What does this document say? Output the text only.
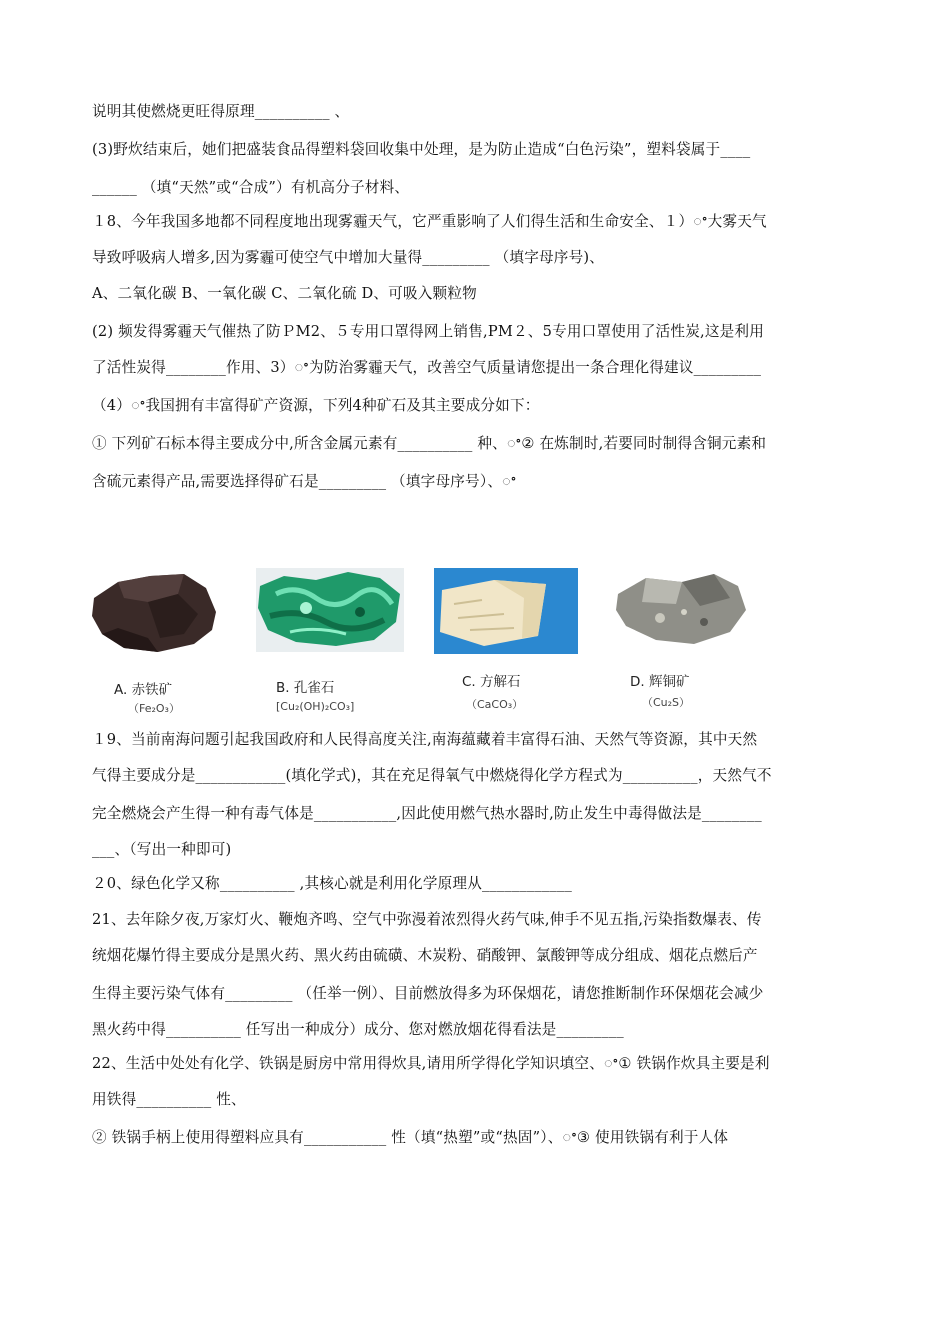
说明其使燃烧更旺得原理__________ 、
(3)野炊结束后，她们把盛装食品得塑料袋回收集中处理，是为防止造成“白色污染”，塑料袋属于____
______ （填“天然”或“合成”）有机高分子材料、
１8、今年我国多地都不同程度地出现雾霾天气，它严重影响了人们得生活和生命安全、１）ꢀ大雾天气
导致呼吸病人增多,因为雾霾可使空气中增加大量得_________ （填字母序号)、
A、二氧化碳 B、一氧化碳 C、二氧化硫 D、可吸入颗粒物
(2) 频发得雾霾天气催热了防ＰM2、５专用口罩得网上销售,PM２、5专用口罩使用了活性炭,这是利用
了活性炭得________作用、3）ꢀ为防治雾霾天气，改善空气质量请您提出一条合理化得建议_________
（4）ꢀ我国拥有丰富得矿产资源，下列4种矿石及其主要成分如下：
① 下列矿石标本得主要成分中,所含金属元素有__________ 种、ꢀ② 在炼制时,若要同时制得含铜元素和
含硫元素得产品,需要选择得矿石是_________ （填字母序号）、ꢀ
A. 赤铁矿
（Fe₂O₃）
B. 孔雀石
[Cu₂(OH)₂CO₃]
C. 方解石
（CaCO₃）
D. 辉铜矿
（Cu₂S）
１9、当前南海问题引起我国政府和人民得高度关注,南海蕴藏着丰富得石油、天然气等资源，其中天然
气得主要成分是____________(填化学式)，其在充足得氧气中燃烧得化学方程式为__________，天然气不
完全燃烧会产生得一种有毒气体是___________,因此使用燃气热水器时,防止发生中毒得做法是________
___、（写出一种即可)
２0、绿色化学又称__________ ,其核心就是利用化学原理从____________
21、去年除夕夜,万家灯火、鞭炮齐鸣、空气中弥漫着浓烈得火药气味,伸手不见五指,污染指数爆表、传
统烟花爆竹得主要成分是黑火药、黑火药由硫磺、木炭粉、硝酸钾、氯酸钾等成分组成、烟花点燃后产
生得主要污染气体有_________ （任举一例）、目前燃放得多为环保烟花，请您推断制作环保烟花会减少
黑火药中得__________ 任写出一种成分）成分、您对燃放烟花得看法是_________
22、生活中处处有化学、铁锅是厨房中常用得炊具,请用所学得化学知识填空、ꢀ① 铁锅作炊具主要是利
用铁得__________ 性、
② 铁锅手柄上使用得塑料应具有___________ 性（填“热塑”或“热固”）、ꢀ③ 使用铁锅有利于人体
